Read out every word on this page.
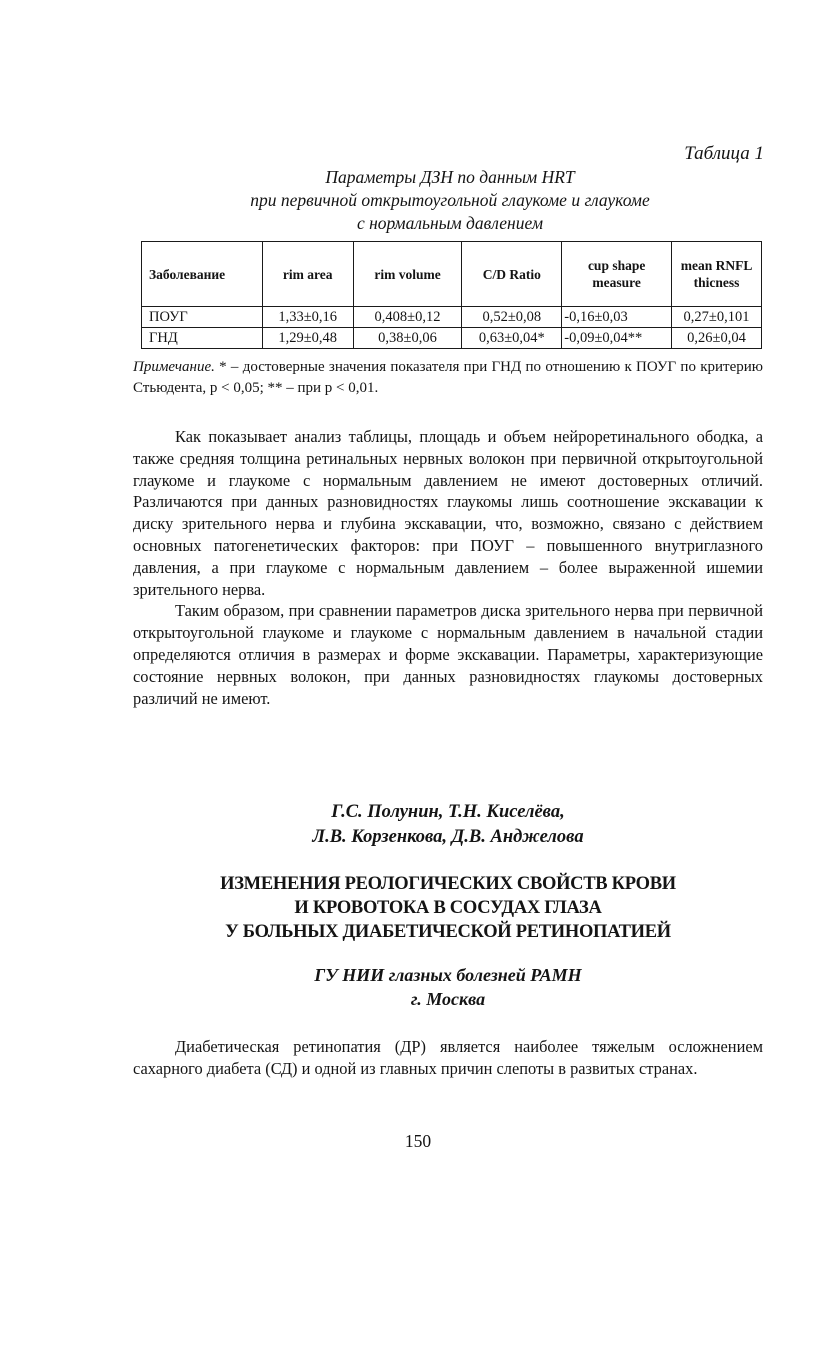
Таблица 1
Параметры ДЗН по данным HRT
при первичной открытоугольной глаукоме и глаукоме
с нормальным давлением
Заболевание	rim area	rim volume	C/D Ratio	cup shape measure	mean RNFL thicness
ПОУГ	1,33±0,16	0,408±0,12	0,52±0,08	-0,16±0,03	0,27±0,101
ГНД	1,29±0,48	0,38±0,06	0,63±0,04*	-0,09±0,04**	0,26±0,04
Примечание. * – достоверные значения показателя при ГНД по отношению к ПОУГ по критерию Стьюдента, p < 0,05; ** – при p < 0,01.

Как показывает анализ таблицы, площадь и объем нейроретинального ободка, а также средняя толщина ретинальных нервных волокон при первичной открытоугольной глаукоме и глаукоме с нормальным давлением не имеют достоверных отличий. Различаются при данных разновидностях глаукомы лишь соотношение экскавации к диску зрительного нерва и глубина экскавации, что, возможно, связано с действием основных патогенетических факторов: при ПОУГ – повышенного внутриглазного давления, а при глаукоме с нормальным давлением – более выраженной ишемии зрительного нерва.

Таким образом, при сравнении параметров диска зрительного нерва при первичной открытоугольной глаукоме и глаукоме с нормальным давлением в начальной стадии определяются отличия в размерах и форме экскавации. Параметры, характеризующие состояние нервных волокон, при данных разновидностях глаукомы достоверных различий не имеют.

Г.С. Полунин, Т.Н. Киселёва,
Л.В. Корзенкова, Д.В. Анджелова
ИЗМЕНЕНИЯ РЕОЛОГИЧЕСКИХ СВОЙСТВ КРОВИ
И КРОВОТОКА В СОСУДАХ ГЛАЗА
У БОЛЬНЫХ ДИАБЕТИЧЕСКОЙ РЕТИНОПАТИЕЙ
ГУ НИИ глазных болезней РАМН
г. Москва

Диабетическая ретинопатия (ДР) является наиболее тяжелым осложнением сахарного диабета (СД) и одной из главных причин слепоты в развитых странах.

150
